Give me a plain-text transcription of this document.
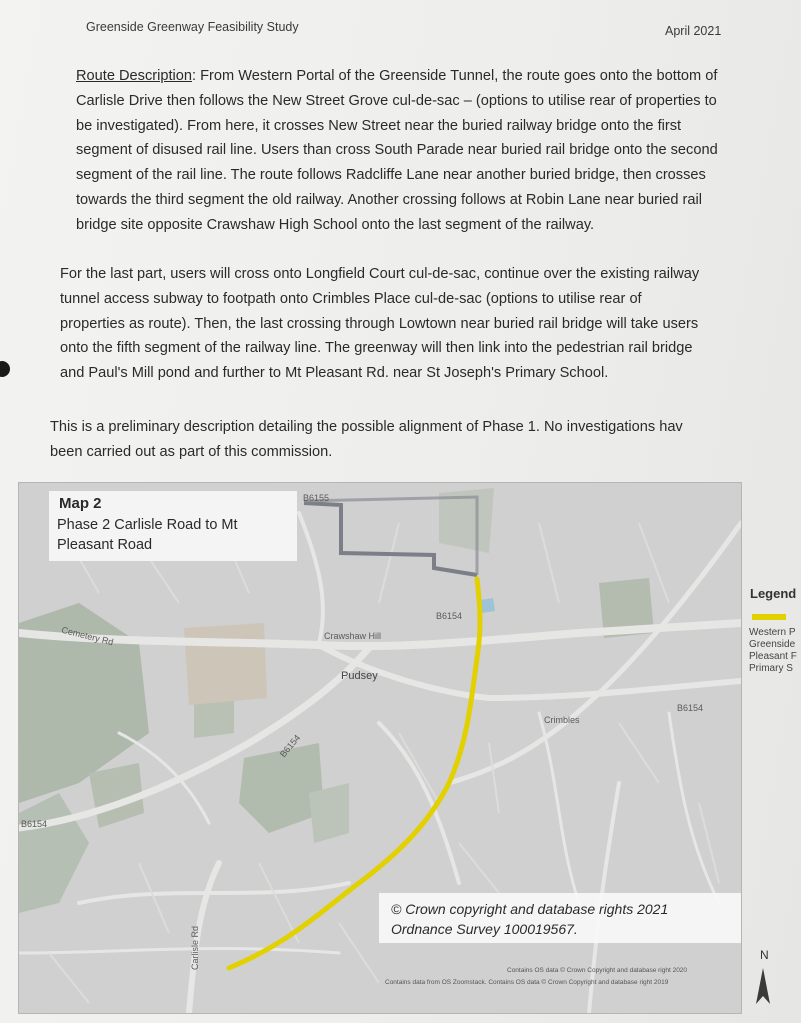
Greenside Greenway Feasibility Study	April 2021
Route Description: From Western Portal of the Greenside Tunnel, the route goes onto the bottom of
Carlisle Drive then follows the New Street Grove cul-de-sac – (options to utilise rear of properties to
be investigated). From here, it crosses New Street near the buried railway bridge onto the first
segment of disused rail line. Users than cross South Parade near buried rail bridge onto the second
segment of the rail line. The route follows Radcliffe Lane near another buried bridge, then crosses
towards the third segment the old railway. Another crossing follows at Robin Lane near buried rail
bridge site opposite Crawshaw High School onto the last segment of the railway.
For the last part, users will cross onto Longfield Court cul-de-sac, continue over the existing railway
tunnel access subway to footpath onto Crimbles Place cul-de-sac (options to utilise rear of
properties as route). Then, the last crossing through Lowtown near buried rail bridge will take users
onto the fifth segment of the railway line. The greenway will then link into the pedestrian rail bridge
and Paul's Mill pond and further to Mt Pleasant Rd. near St Joseph's Primary School.
This is a preliminary description detailing the possible alignment of Phase 1. No investigations hav
been carried out as part of this commission.
Map 2
Phase 2 Carlisle Road to Mt Pleasant Road
Cemetery Rd	Crawshaw Hill
B6154
B6154
B6154
B6154
B6155
Crimbles
Carlisle Rd
Pudsey
© Crown copyright and database rights 2021
Ordnance Survey 100019567.
Contains OS data © Crown Copyright and database right 2020
Contains data from OS Zoomstack. Contains OS data © Crown Copyright and database right 2019
Legend
Western P
Greenside
Pleasant F
Primary S
N
